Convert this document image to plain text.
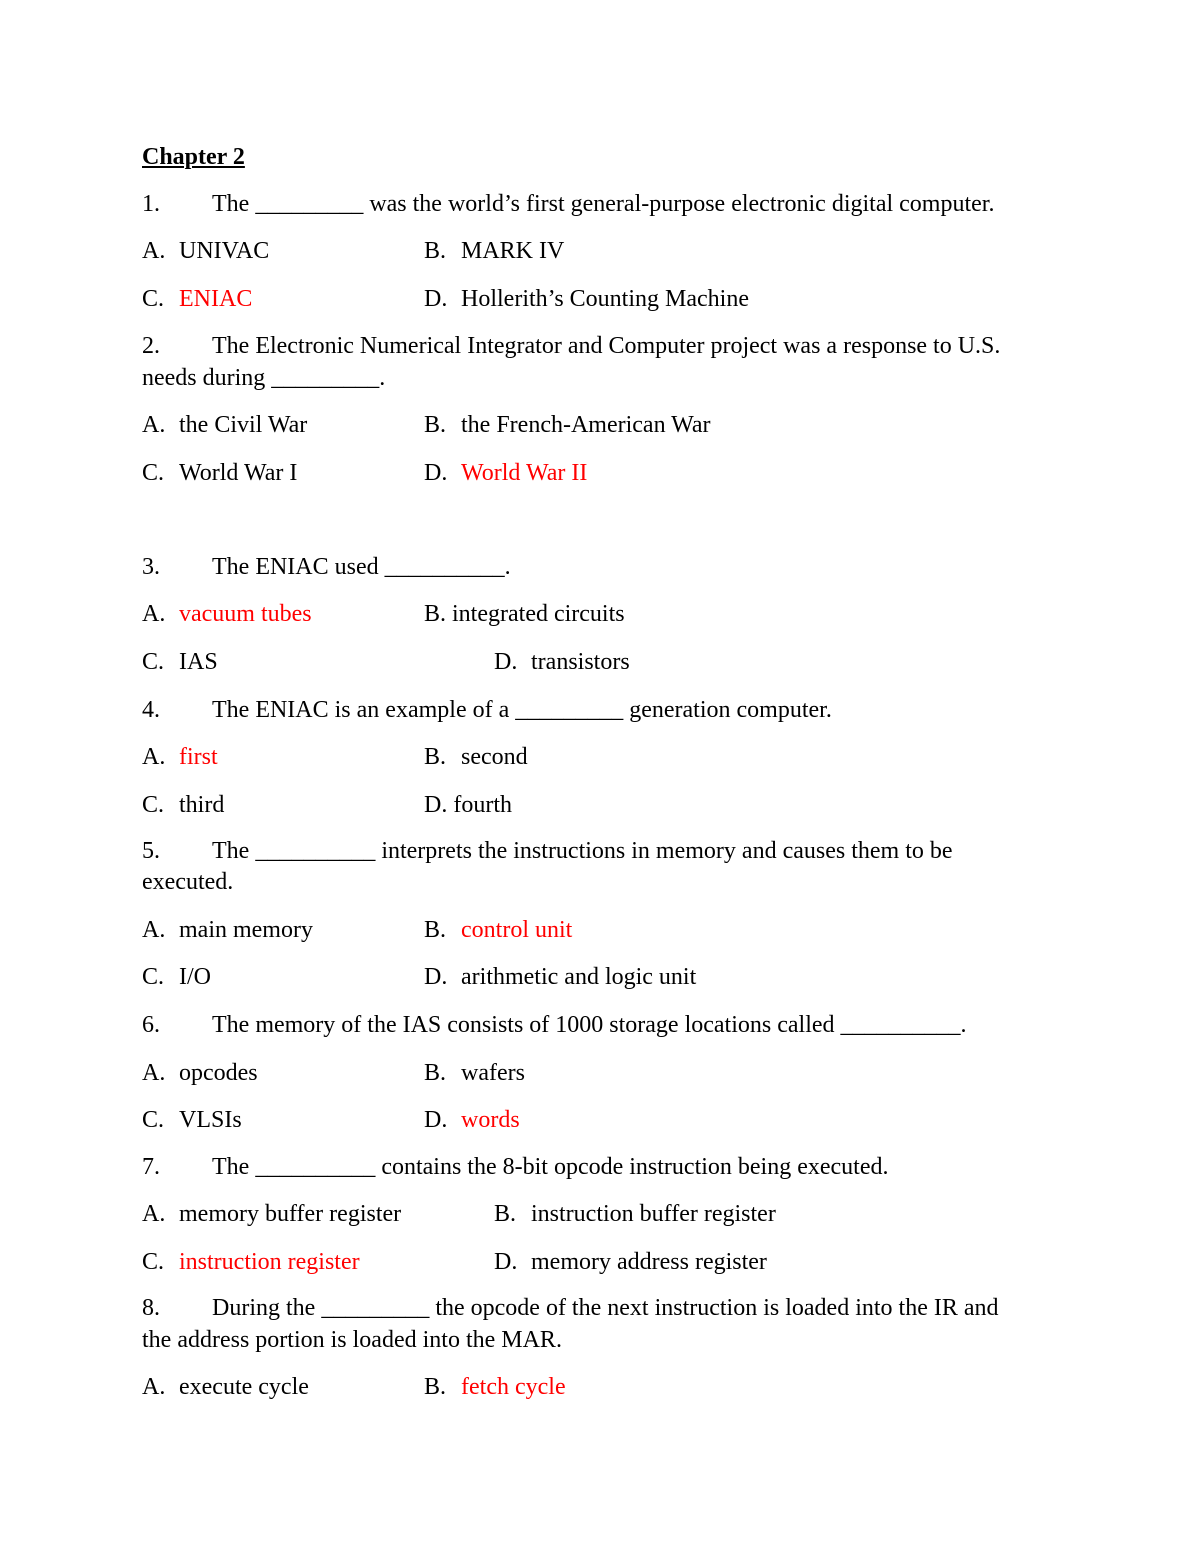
Chapter 2
1. The _________ was the world’s first general-purpose electronic digital computer.
A. UNIVAC	B. MARK IV
C. ENIAC	D. Hollerith’s Counting Machine
2. The Electronic Numerical Integrator and Computer project was a response to U.S.
needs during _________.
A. the Civil War	B. the French-American War
C. World War I	D. World War II
3. The ENIAC used __________.
A. vacuum tubes	B. integrated circuits
C. IAS	D. transistors
4. The ENIAC is an example of a _________ generation computer.
A. first	B. second
C. third	D. fourth
5. The __________ interprets the instructions in memory and causes them to be
executed.
A. main memory	B. control unit
C. I/O	D. arithmetic and logic unit
6. The memory of the IAS consists of 1000 storage locations called __________.
A. opcodes	B. wafers
C. VLSIs	D. words
7. The __________ contains the 8-bit opcode instruction being executed.
A. memory buffer register	B. instruction buffer register
C. instruction register	D. memory address register
8. During the _________ the opcode of the next instruction is loaded into the IR and
the address portion is loaded into the MAR.
A. execute cycle	B. fetch cycle
